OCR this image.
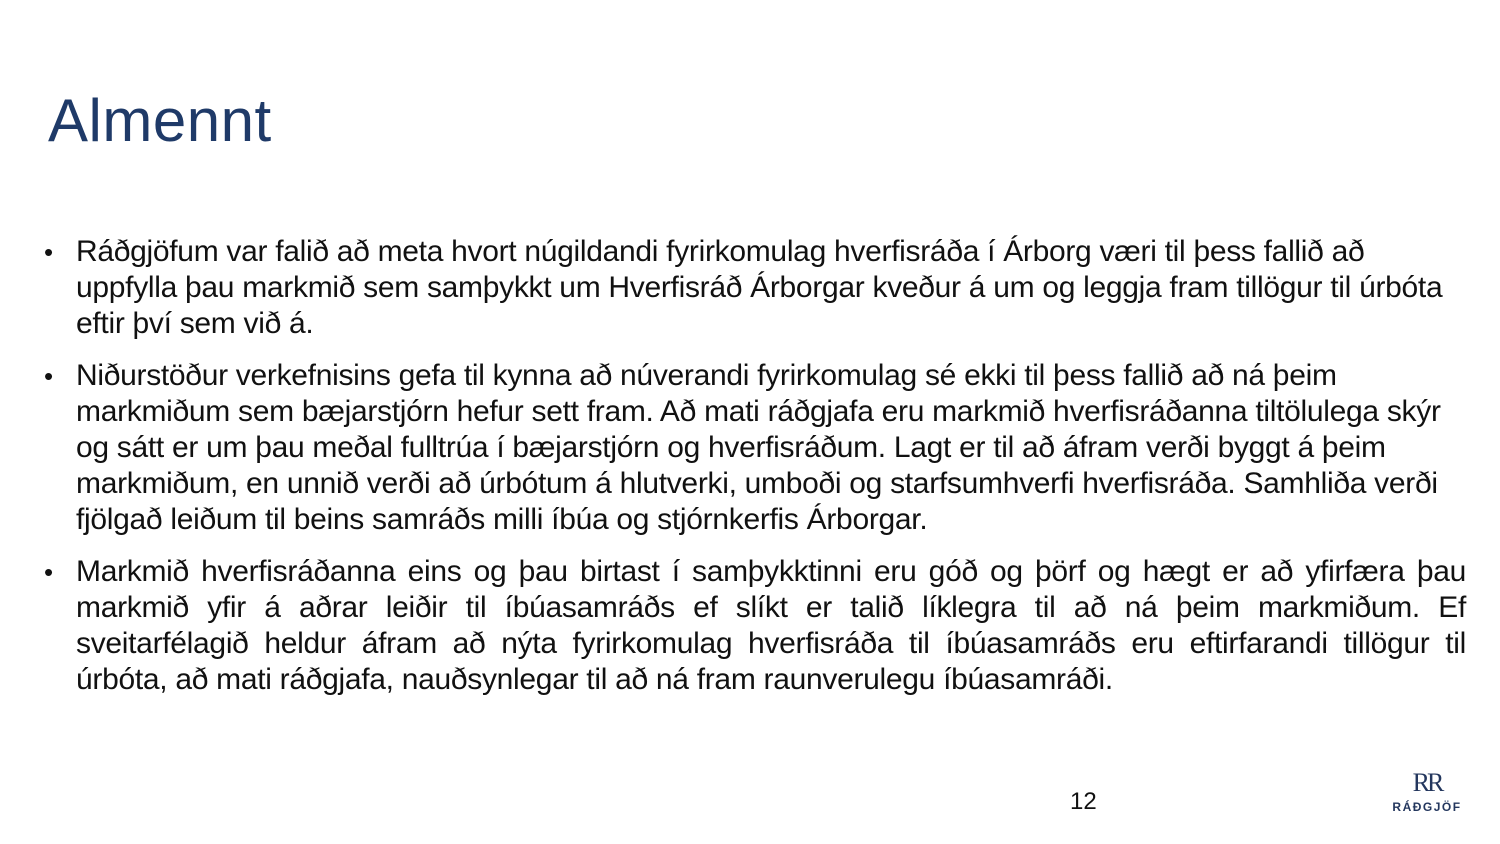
Almennt
• Ráðgjöfum var falið að meta hvort núgildandi fyrirkomulag hverfisráða í Árborg væri til þess fallið að uppfylla þau markmið sem samþykkt um Hverfisráð Árborgar kveður á um og leggja fram tillögur til úrbóta eftir því sem við á.
• Niðurstöður verkefnisins gefa til kynna að núverandi fyrirkomulag sé ekki til þess fallið að ná þeim markmiðum sem bæjarstjórn hefur sett fram. Að mati ráðgjafa eru markmið hverfisráðanna tiltölulega skýr og sátt er um þau meðal fulltrúa í bæjarstjórn og hverfisráðum. Lagt er til að áfram verði byggt á þeim markmiðum, en unnið verði að úrbótum á hlutverki, umboði og starfsumhverfi hverfisráða. Samhliða verði fjölgað leiðum til beins samráðs milli íbúa og stjórnkerfis Árborgar.
• Markmið hverfisráðanna eins og þau birtast í samþykktinni eru góð og þörf og hægt er að yfirfæra þau markmið yfir á aðrar leiðir til íbúasamráðs ef slíkt er talið líklegra til að ná þeim markmiðum. Ef sveitarfélagið heldur áfram að nýta fyrirkomulag hverfisráða til íbúasamráðs eru eftirfarandi tillögur til úrbóta, að mati ráðgjafa, nauðsynlegar til að ná fram raunverulegu íbúasamráði.
12
RR
RÁÐGJÖF
